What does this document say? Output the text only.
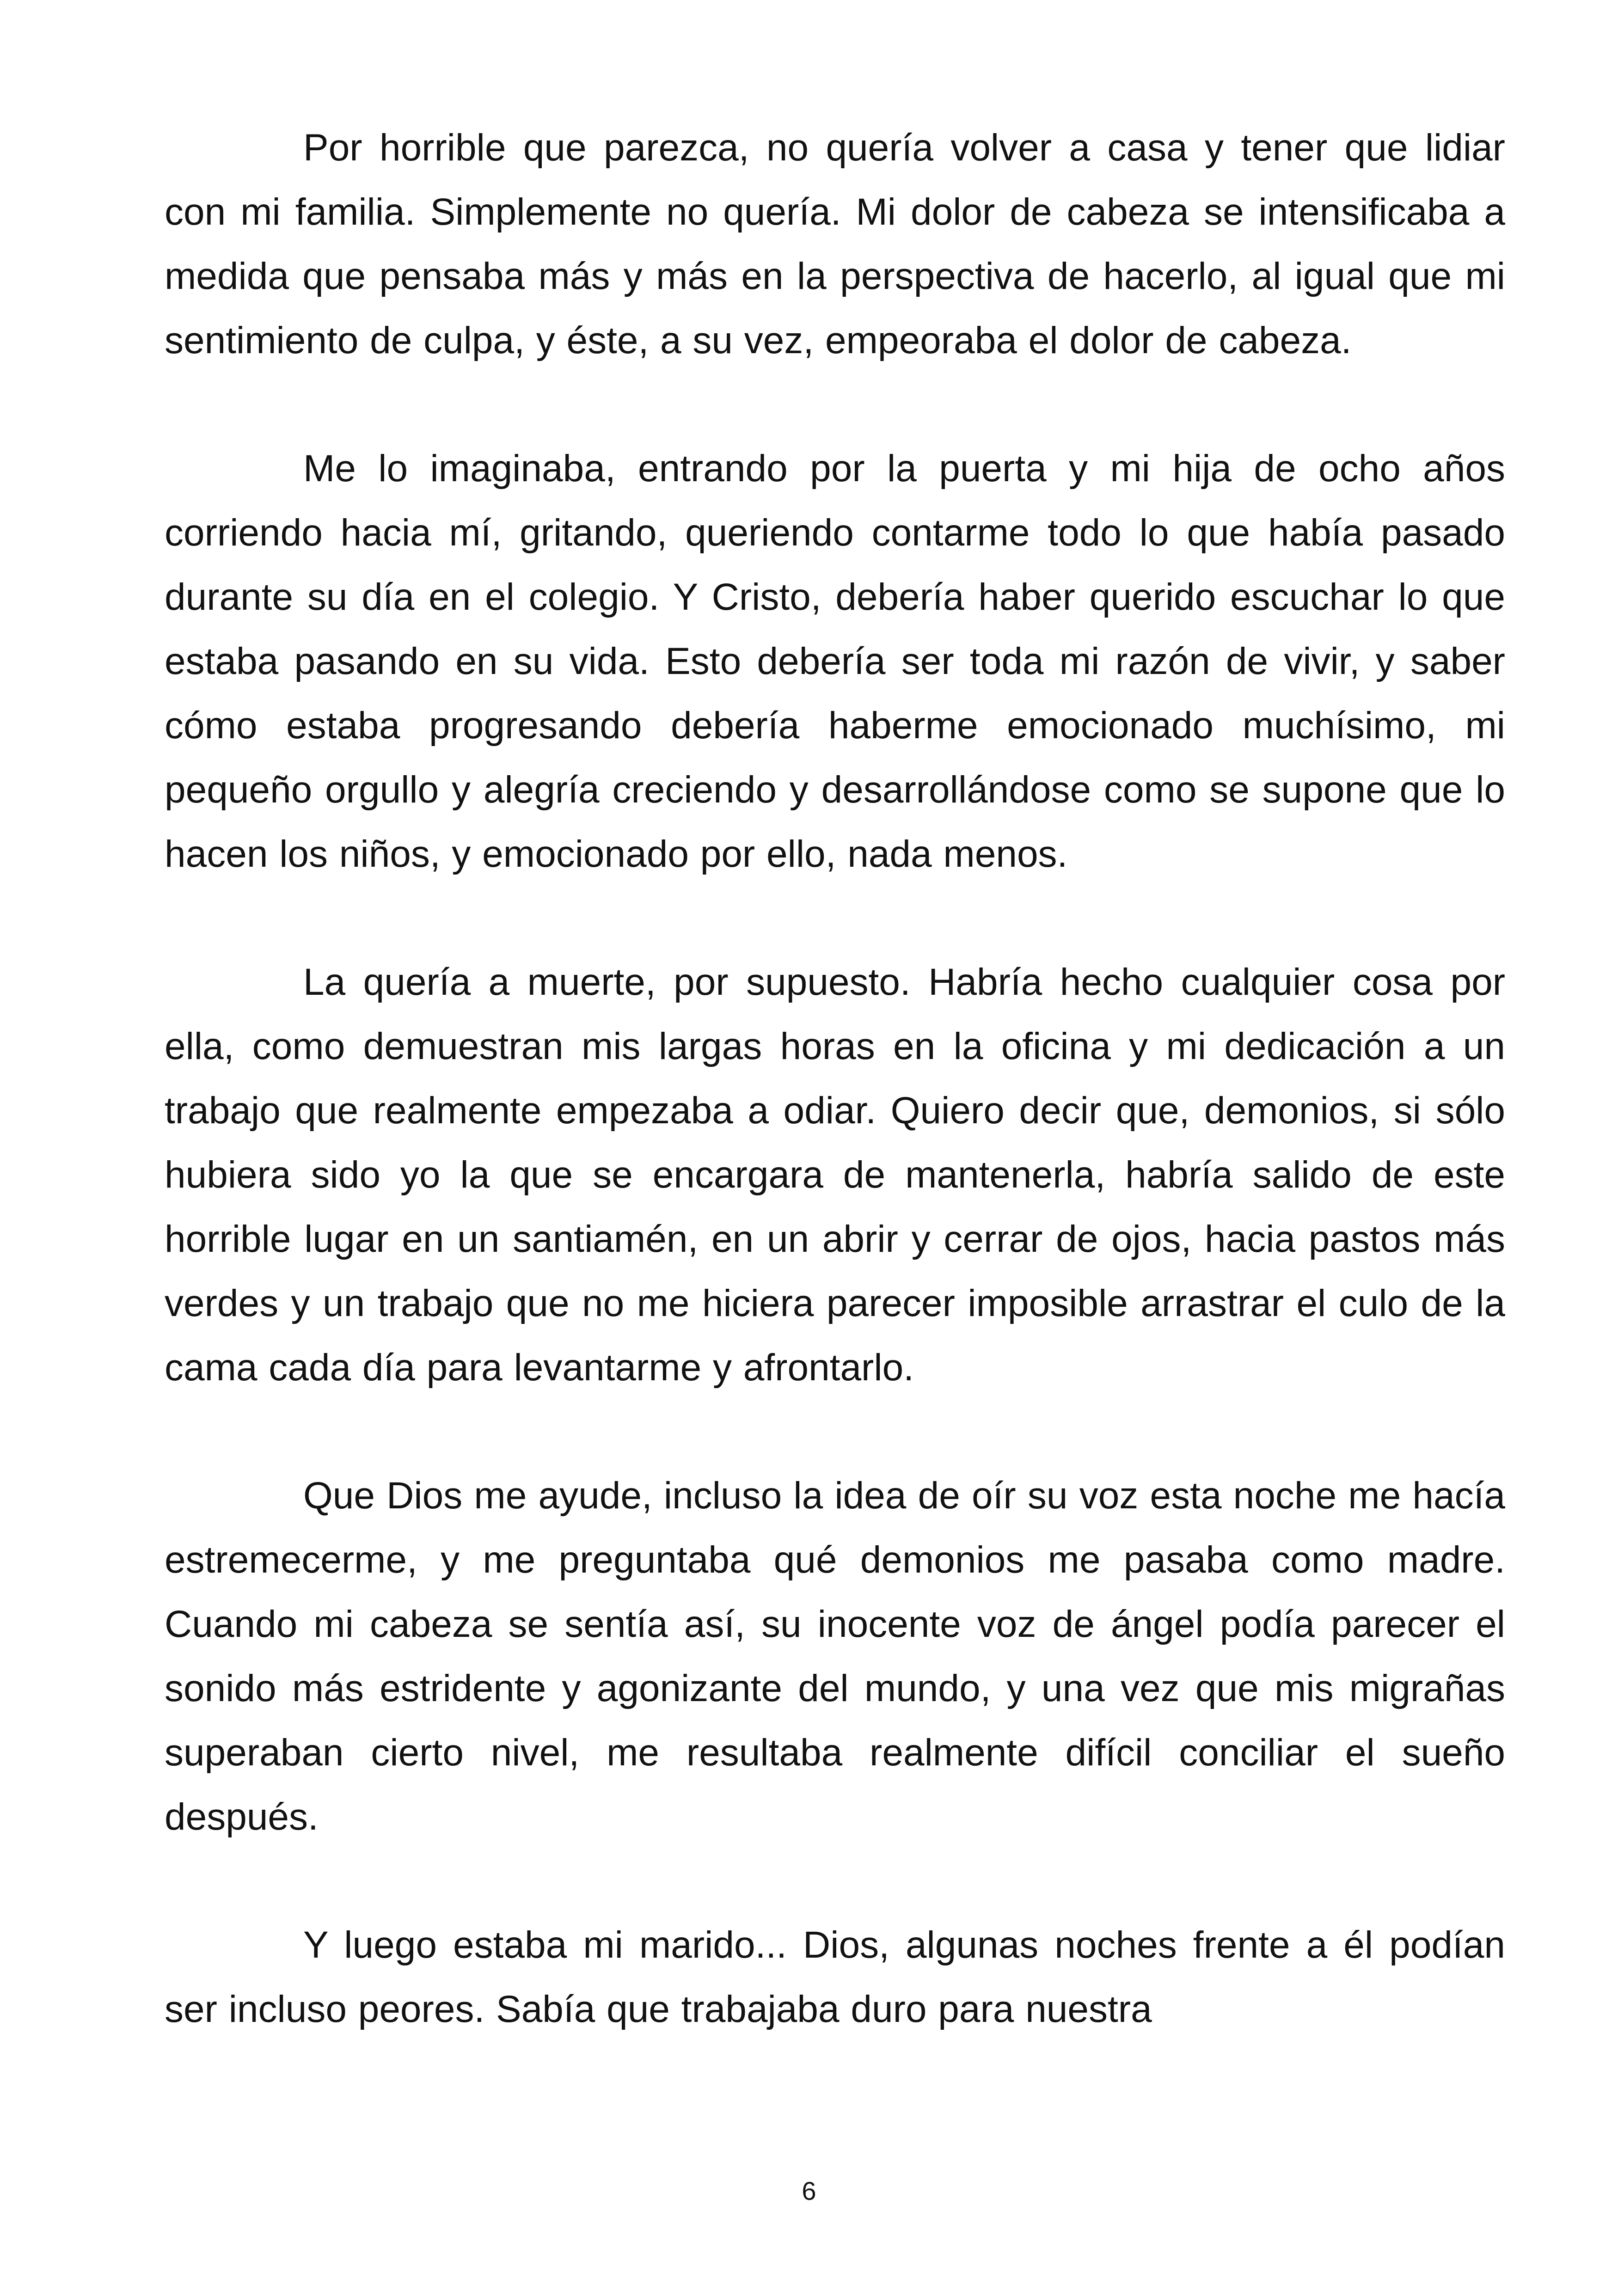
Por horrible que parezca, no quería volver a casa y tener que lidiar con mi familia. Simplemente no quería. Mi dolor de cabeza se intensificaba a medida que pensaba más y más en la perspectiva de hacerlo, al igual que mi sentimiento de culpa, y éste, a su vez, empeoraba el dolor de cabeza.

Me lo imaginaba, entrando por la puerta y mi hija de ocho años corriendo hacia mí, gritando, queriendo contarme todo lo que había pasado durante su día en el colegio. Y Cristo, debería haber querido escuchar lo que estaba pasando en su vida. Esto debería ser toda mi razón de vivir, y saber cómo estaba progresando debería haberme emocionado muchísimo, mi pequeño orgullo y alegría creciendo y desarrollándose como se supone que lo hacen los niños, y emocionado por ello, nada menos.

La quería a muerte, por supuesto. Habría hecho cualquier cosa por ella, como demuestran mis largas horas en la oficina y mi dedicación a un trabajo que realmente empezaba a odiar. Quiero decir que, demonios, si sólo hubiera sido yo la que se encargara de mantenerla, habría salido de este horrible lugar en un santiamén, en un abrir y cerrar de ojos, hacia pastos más verdes y un trabajo que no me hiciera parecer imposible arrastrar el culo de la cama cada día para levantarme y afrontarlo.

Que Dios me ayude, incluso la idea de oír su voz esta noche me hacía estremecerme, y me preguntaba qué demonios me pasaba como madre. Cuando mi cabeza se sentía así, su inocente voz de ángel podía parecer el sonido más estridente y agonizante del mundo, y una vez que mis migrañas superaban cierto nivel, me resultaba realmente difícil conciliar el sueño después.

Y luego estaba mi marido... Dios, algunas noches frente a él podían ser incluso peores. Sabía que trabajaba duro para nuestra

6
